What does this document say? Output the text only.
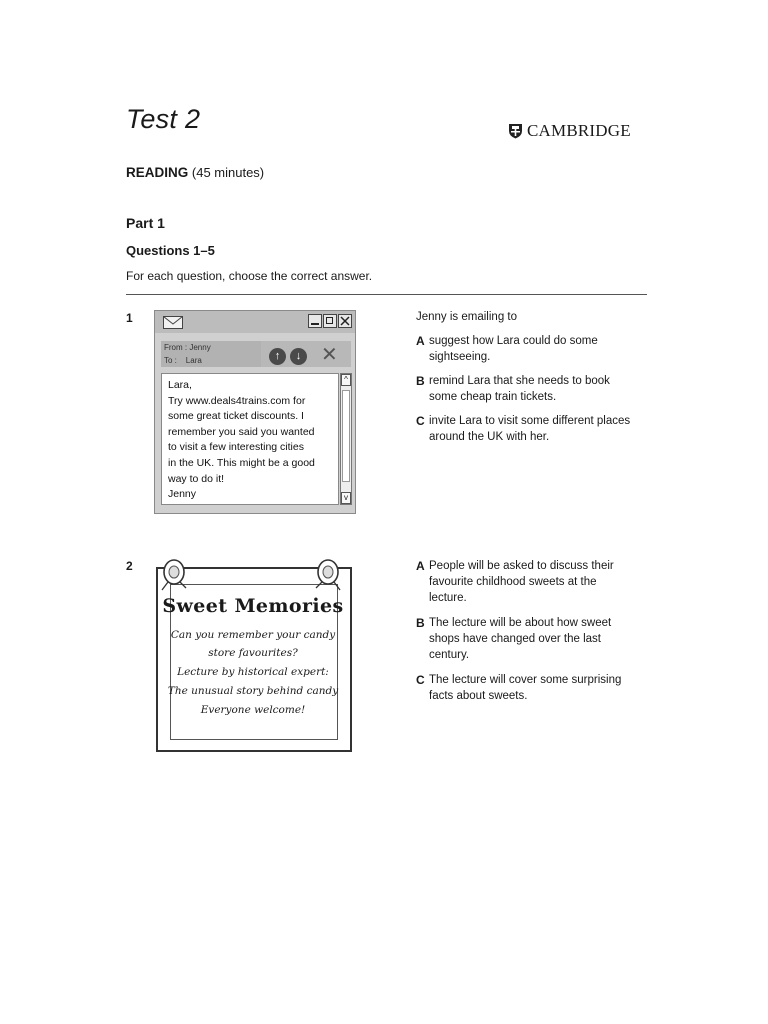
Test 2	CAMBRIDGE
READING (45 minutes)
Part 1
Questions 1–5
For each question, choose the correct answer.
1
From : Jenny
To : Lara	↑	↓ ✕
Lara,
Try www.deals4trains.com for
some great ticket discounts. I
remember you said you wanted
to visit a few interesting cities
in the UK. This might be a good
way to do it!
Jenny
^
v
Jenny is emailing to
A suggest how Lara could do some
sightseeing.
B remind Lara that she needs to book
some cheap train tickets.
C invite Lara to visit some different places
around the UK with her.
2
Sweet Memories
Can you remember your candy
store favourites?
Lecture by historical expert:
The unusual story behind candy
Everyone welcome!
A People will be asked to discuss their
favourite childhood sweets at the
lecture.
B The lecture will be about how sweet
shops have changed over the last
century.
C The lecture will cover some surprising
facts about sweets.
